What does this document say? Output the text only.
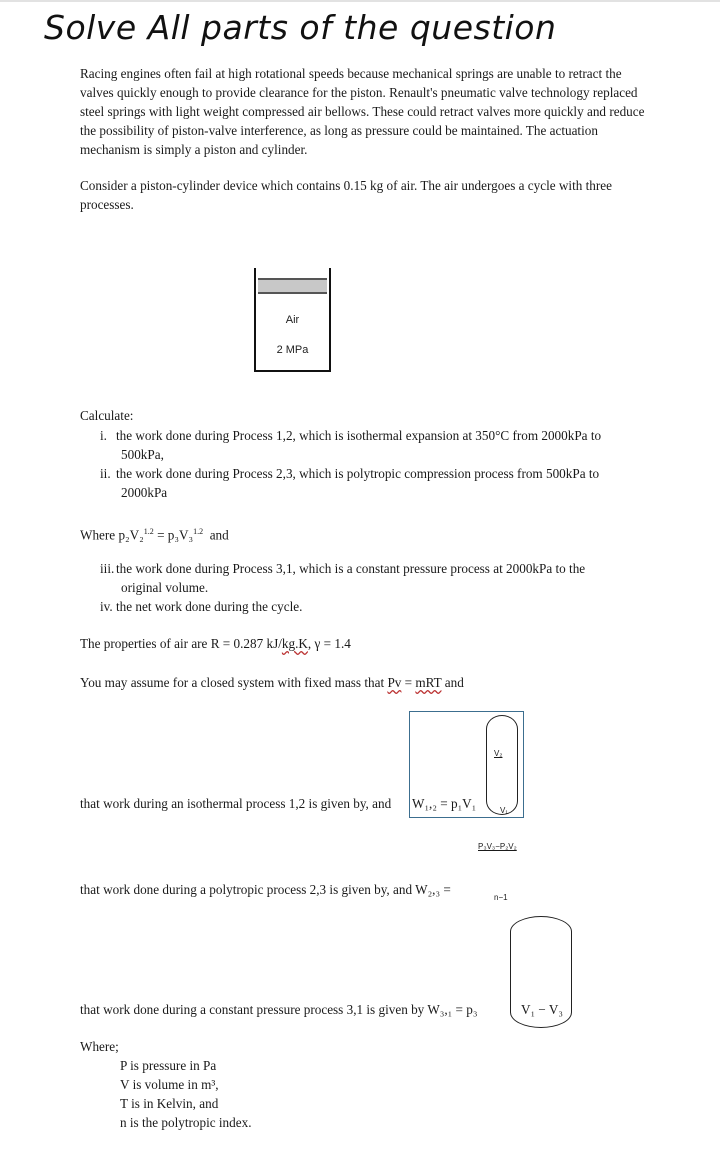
Solve All parts of the question

Racing engines often fail at high rotational speeds because mechanical springs are unable to retract the valves quickly enough to provide clearance for the piston. Renault's pneumatic valve technology replaced steel springs with light weight compressed air bellows. These could retract valves more quickly and reduce the possibility of piston-valve interference, as long as pressure could be maintained. The actuation mechanism is simply a piston and cylinder.

Consider a piston-cylinder device which contains 0.15 kg of air. The air undergoes a cycle with three processes.

Air
2 MPa
Calculate:
i. the work done during Process 1,2, which is isothermal expansion at 350°C from 2000kPa to
500kPa,
ii. the work done during Process 2,3, which is polytropic compression process from 500kPa to
2000kPa
Where p₂V₂$^{1.2}$ = p₃V₃$^{1.2}$ and
iii. the work done during Process 3,1, which is a constant pressure process at 2000kPa to the
original volume.
iv. the net work done during the cycle.
The properties of air are R = 0.287 kJ/kg.K, γ = 1.4
You may assume for a closed system with fixed mass that Pv = mRT and
V₂
V₁
that work during an isothermal process 1,2 is given by, and W₁,₂ = p₁V₁
P₃V₃−P₂V₂
that work done during a polytropic process 2,3 is given by, and W₂,₃ =
n−1
that work done during a constant pressure process 3,1 is given by W₃,₁ = p₃	V₁ − V₃
Where;
P is pressure in Pa
V is volume in m³,
T is in Kelvin, and
n is the polytropic index.
